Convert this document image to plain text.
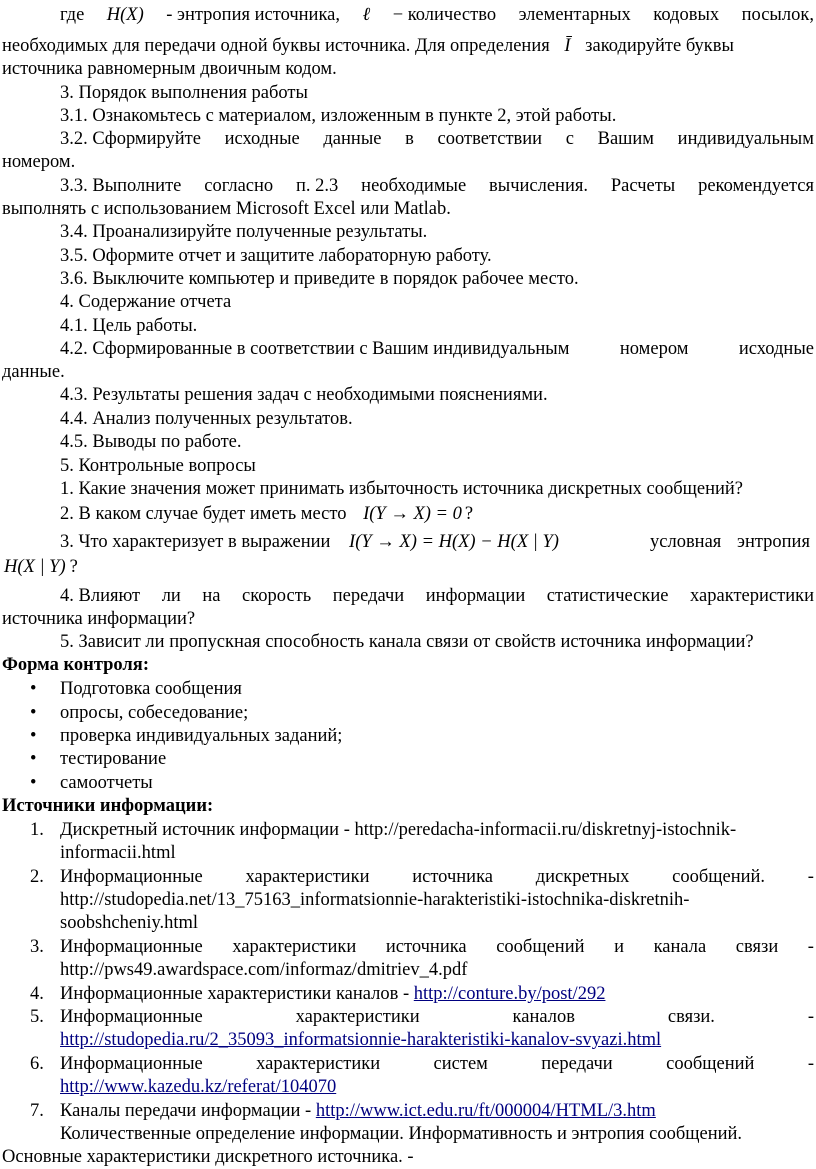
где H(X) - энтропия источника, ℓ − количество элементарных кодовых посылок,
необходимых для передачи одной буквы источника. Для определения Ī закодируйте буквы
источника равномерным двоичным кодом.
3. Порядок выполнения работы
3.1. Ознакомьтесь с материалом, изложенным в пункте 2, этой работы.
3.2. Сформируйте исходные данные в соответствии с Вашим индивидуальным
номером.
3.3. Выполните согласно п. 2.3 необходимые вычисления. Расчеты рекомендуется
выполнять с использованием Microsoft Excel или Matlab.
3.4. Проанализируйте полученные результаты.
3.5. Оформите отчет и защитите лабораторную работу.
3.6. Выключите компьютер и приведите в порядок рабочее место.
4. Содержание отчета
4.1. Цель работы.
4.2. Сформированные в соответствии с Вашим индивидуальным	номером	исходные
данные.
4.3. Результаты решения задач с необходимыми пояснениями.
4.4. Анализ полученных результатов.
4.5. Выводы по работе.
5. Контрольные вопросы
1. Какие значения может принимать избыточность источника дискретных сообщений?
2. В каком случае будет иметь место I(Y → X) = 0 ?
3. Что характеризует в выражении I(Y → X) = H(X) − H(X | Y)	условная энтропия
H(X | Y) ?
4. Влияют ли на скорость передачи информации статистические характеристики
источника информации?
5. Зависит ли пропускная способность канала связи от свойств источника информации?
Форма контроля:
• Подготовка сообщения
• опросы, собеседование;
• проверка индивидуальных заданий;
• тестирование
• самоотчеты
Источники информации:
1. Дискретный источник информации - http://peredacha-informacii.ru/diskretnyj-istochnik-
informacii.html
2. Информационные характеристики источника дискретных сообщений. -
http://studopedia.net/13_75163_informatsionnie-harakteristiki-istochnika-diskretnih-
soobshcheniy.html
3. Информационные характеристики источника сообщений и канала связи -
http://pws49.awardspace.com/informaz/dmitriev_4.pdf
4. Информационные характеристики каналов - http://conture.by/post/292
5. Информационные	характеристики	каналов	связи.	-
http://studopedia.ru/2_35093_informatsionnie-harakteristiki-kanalov-svyazi.html
6. Информационные	характеристики	систем	передачи	сообщений	-
http://www.kazedu.kz/referat/104070
7. Каналы передачи информации - http://www.ict.edu.ru/ft/000004/HTML/3.htm
Количественные определение информации. Информативность и энтропия сообщений.
Основные характеристики дискретного источника. -
